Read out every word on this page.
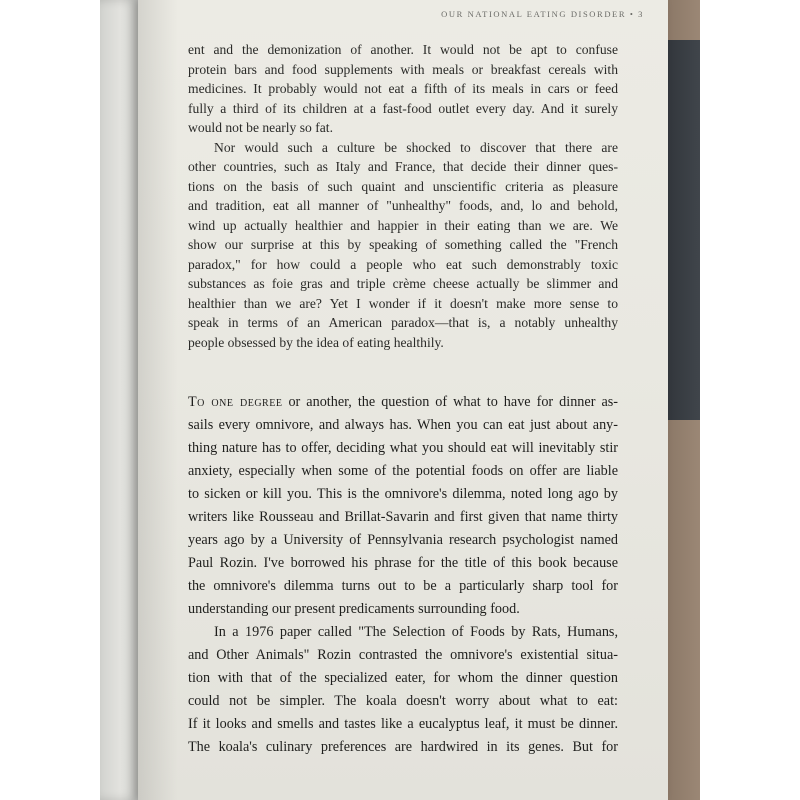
OUR NATIONAL EATING DISORDER • 3
ent and the demonization of another. It would not be apt to confuse
protein bars and food supplements with meals or breakfast cereals with
medicines. It probably would not eat a fifth of its meals in cars or feed
fully a third of its children at a fast-food outlet every day. And it surely
would not be nearly so fat.
Nor would such a culture be shocked to discover that there are
other countries, such as Italy and France, that decide their dinner ques-
tions on the basis of such quaint and unscientific criteria as pleasure
and tradition, eat all manner of "unhealthy" foods, and, lo and behold,
wind up actually healthier and happier in their eating than we are. We
show our surprise at this by speaking of something called the "French
paradox," for how could a people who eat such demonstrably toxic
substances as foie gras and triple crème cheese actually be slimmer and
healthier than we are? Yet I wonder if it doesn't make more sense to
speak in terms of an American paradox—that is, a notably unhealthy
people obsessed by the idea of eating healthily.
To one degree or another, the question of what to have for dinner as-
sails every omnivore, and always has. When you can eat just about any-
thing nature has to offer, deciding what you should eat will inevitably stir
anxiety, especially when some of the potential foods on offer are liable
to sicken or kill you. This is the omnivore's dilemma, noted long ago by
writers like Rousseau and Brillat-Savarin and first given that name thirty
years ago by a University of Pennsylvania research psychologist named
Paul Rozin. I've borrowed his phrase for the title of this book because
the omnivore's dilemma turns out to be a particularly sharp tool for
understanding our present predicaments surrounding food.
In a 1976 paper called "The Selection of Foods by Rats, Humans,
and Other Animals" Rozin contrasted the omnivore's existential situa-
tion with that of the specialized eater, for whom the dinner question
could not be simpler. The koala doesn't worry about what to eat:
If it looks and smells and tastes like a eucalyptus leaf, it must be dinner.
The koala's culinary preferences are hardwired in its genes. But for
